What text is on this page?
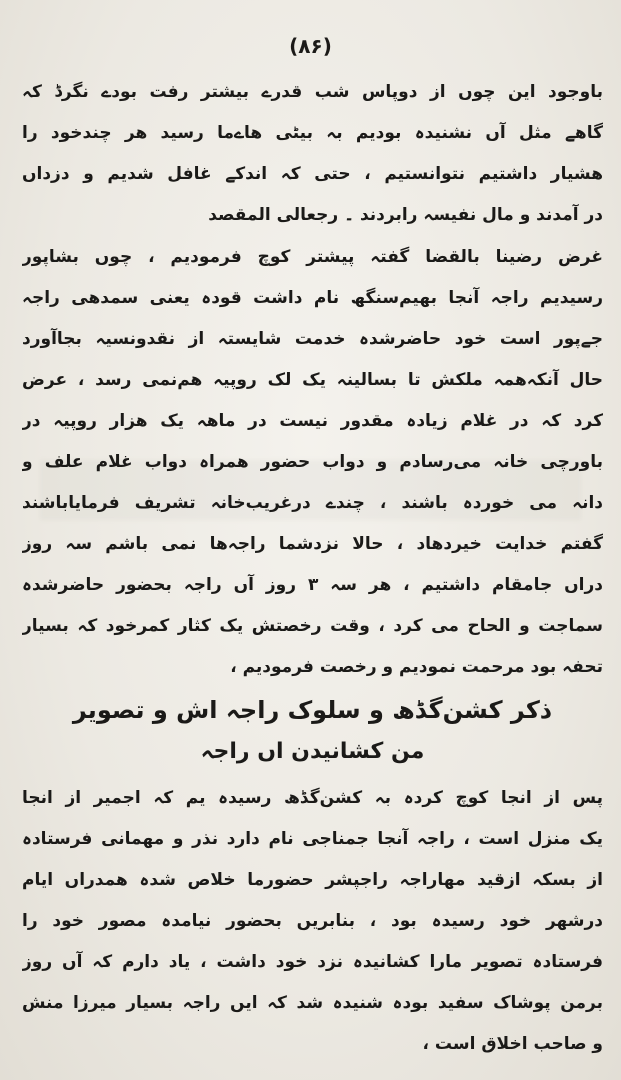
(۸۶)
باوجود این چوں از دوپاس شب قدرے بیشتر رفت بودے نگرڈ کہ
گاھے مثل آں نشنیدہ بودیم بہ بیٹی ھاےما رسید ھر چندخود را
ھشیار داشتیم نتوانستیم ، حتی کہ اندکے غافل شدیم و دزداں
در آمدند و مال نفیسہ رابردند ۔ رجعالی المقصد
غرض رضینا بالقضا گفتہ پیشتر کوچ فرمودیم ، چوں بشاپور
رسیدیم راجہ آنجا بھیم‌سنگھ نام داشت قودہ یعنی سمدھی راجہ
جےپور است خود حاضرشدہ خدمت شایستہ از نقدونسیہ بجاآورد
حال آنکہ‌ھمہ ملکش تا بسالینہ یک لک روپیہ ھم‌نمی رسد ، عرض
کرد کہ در غلام زیادہ مقدور نیست در ماھہ یک ھزار روپیہ در
باورچی خانہ می‌رسادم و دواب حضور ھمراہ دواب غلام علف و
دانہ می خوردہ باشند ، چندے درغریب‌خانہ تشریف فرمایاباشند
گفتم خدایت خیردھاد ، حالا نزدشما راجہ‌ھا نمی باشم سہ روز
دراں جامقام داشتیم ، ھر سہ ۳ روز آں راجہ بحضور حاضرشدہ
سماجت و الحاح می کرد ، وقت رخصتش یک کثار کمرخود کہ بسیار
تحفہ بود مرحمت نمودیم و رخصت فرمودیم ،
ذکر کشن‌گڈھ و سلوک راجہ اش و تصویر
من کشانیدن اں راجہ
پس از انجا کوچ کردہ بہ کشن‌گڈھ رسیدہ یم کہ اجمیر از انجا
یک منزل است ، راجہ آنجا جمناجی نام دارد نذر و مھمانی فرستادہ
از بسکہ ازقید مھاراجہ راجپشر حضورما خلاص شدہ ھمدراں ایام
درشھر خود رسیدہ بود ، بنابریں بحضور نیامدہ مصور خود را
فرستادہ تصویر مارا کشانیدہ نزد خود داشت ، یاد دارم کہ آں روز
برمن پوشاک سفید بودہ شنیدہ شد کہ ایں راجہ بسیار میرزا منش
و صاحب اخلاق است ،
